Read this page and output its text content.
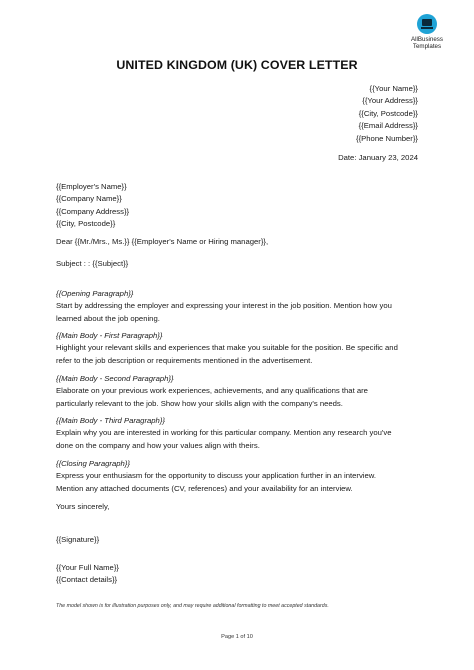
AllBusiness
Templates
UNITED KINGDOM (UK) COVER LETTER
{{Your Name}}
{{Your Address}}
{{City, Postcode}}
{{Email Address}}
{{Phone Number}}
Date: January 23, 2024
{{Employer's Name}}
{{Company Name}}
{{Company Address}}
{{City, Postcode}}
Dear {{Mr./Mrs., Ms.}} {{Employer's Name or Hiring manager}},
Subject : : {{Subject}}
{{Opening Paragraph}}
Start by addressing the employer and expressing your interest in the job position. Mention how you
learned about the job opening.
{{Main Body - First Paragraph}}
Highlight your relevant skills and experiences that make you suitable for the position. Be specific and
refer to the job description or requirements mentioned in the advertisement.
{{Main Body - Second Paragraph}}
Elaborate on your previous work experiences, achievements, and any qualifications that are
particularly relevant to the job. Show how your skills align with the company's needs.
{{Main Body - Third Paragraph}}
Explain why you are interested in working for this particular company. Mention any research you've
done on the company and how your values align with theirs.
{{Closing Paragraph}}
Express your enthusiasm for the opportunity to discuss your application further in an interview.
Mention any attached documents (CV, references) and your availability for an interview.
Yours sincerely,
{{Signature}}
{{Your Full Name}}
{{Contact details}}
The model shown is for illustration purposes only, and may require additional formatting to meet accepted standards.
Page 1 of 10
